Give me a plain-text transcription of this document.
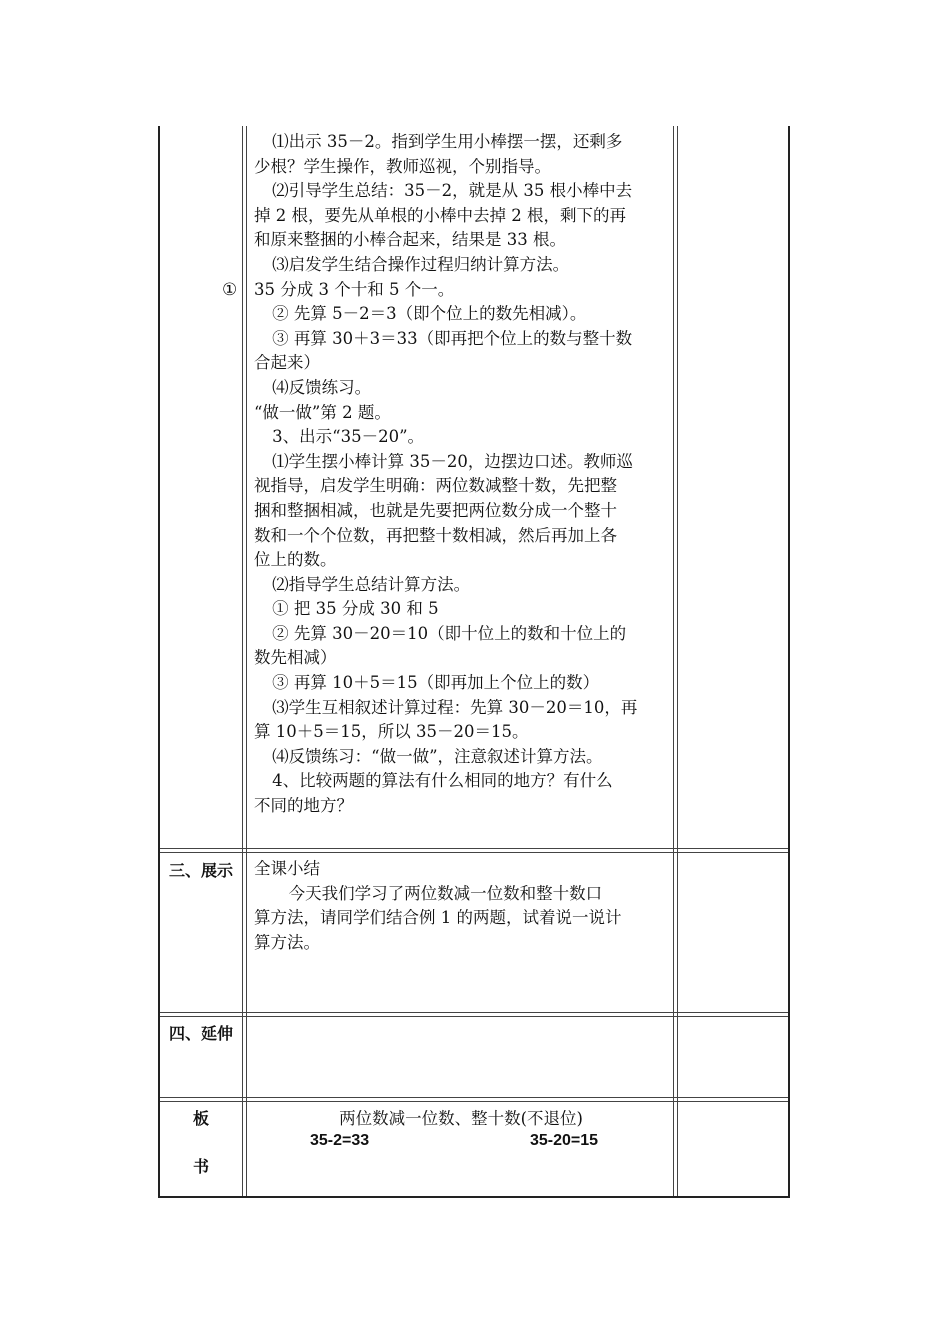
①

⑴出示 35－2。指到学生用小棒摆一摆，还剩多

少根？学生操作，教师巡视，个别指导。

⑵引导学生总结：35－2，就是从 35 根小棒中去

掉 2 根，要先从单根的小棒中去掉 2 根，剩下的再

和原来整捆的小棒合起来，结果是 33 根。

⑶启发学生结合操作过程归纳计算方法。

35 分成 3 个十和 5 个一。

② 先算 5－2＝3（即个位上的数先相减）。

③ 再算 30＋3＝33（即再把个位上的数与整十数

合起来）

⑷反馈练习。

“做一做”第 2 题。

3、出示“35－20”。

⑴学生摆小棒计算 35－20，边摆边口述。教师巡

视指导，启发学生明确：两位数减整十数，先把整

捆和整捆相减，也就是先要把两位数分成一个整十

数和一个个位数，再把整十数相减，然后再加上各

位上的数。

⑵指导学生总结计算方法。

① 把 35 分成 30 和 5

② 先算 30－20＝10（即十位上的数和十位上的

数先相减）

③ 再算 10＋5＝15（即再加上个位上的数）

⑶学生互相叙述计算过程：先算 30－20＝10，再

算 10＋5＝15，所以 35－20＝15。

⑷反馈练习：“做一做”，注意叙述计算方法。

4、比较两题的算法有什么相同的地方？有什么

不同的地方？

三、展示	全课小结

今天我们学习了两位数减一位数和整十数口

算方法，请同学们结合例 1 的两题，试着说一说计

算方法。

四、延伸
板
书
两位数减一位数、整十数(不退位)
35-2=33	35-20=15
